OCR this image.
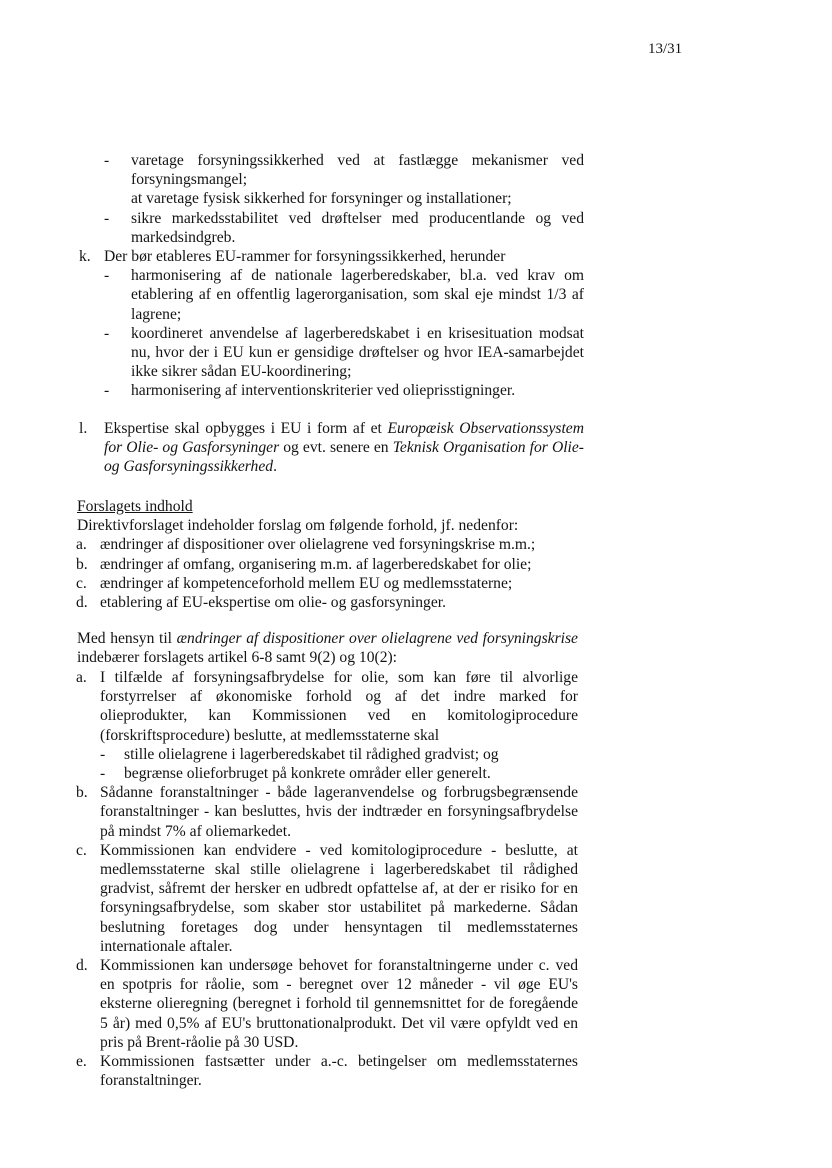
13/31
- varetage forsyningssikkerhed ved at fastlægge mekanismer ved forsyningsmangel;
at varetage fysisk sikkerhed for forsyninger og installationer;
- sikre markedsstabilitet ved drøftelser med producentlande og ved markedsindgreb.
k. Der bør etableres EU-rammer for forsyningssikkerhed, herunder
- harmonisering af de nationale lagerberedskaber, bl.a. ved krav om etablering af en offentlig lagerorganisation, som skal eje mindst 1/3 af lagrene;
- koordineret anvendelse af lagerberedskabet i en krisesituation modsat nu, hvor der i EU kun er gensidige drøftelser og hvor IEA-samarbejdet ikke sikrer sådan EU-koordinering;
- harmonisering af interventionskriterier ved olieprisstigninger.
l. Ekspertise skal opbygges i EU i form af et Europæisk Observationssystem for Olie- og Gasforsyninger og evt. senere en Teknisk Organisation for Olie- og Gasforsyningssikkerhed.
Forslagets indhold
Direktivforslaget indeholder forslag om følgende forhold, jf. nedenfor:
a. ændringer af dispositioner over olielagrene ved forsyningskrise m.m.;
b. ændringer af omfang, organisering m.m. af lagerberedskabet for olie;
c. ændringer af kompetenceforhold mellem EU og medlemsstaterne;
d. etablering af EU-ekspertise om olie- og gasforsyninger.
Med hensyn til ændringer af dispositioner over olielagrene ved forsyningskrise indebærer forslagets artikel 6-8 samt 9(2) og 10(2):
a. I tilfælde af forsyningsafbrydelse for olie, som kan føre til alvorlige forstyrrelser af økonomiske forhold og af det indre marked for olieprodukter, kan Kommissionen ved en komitologiprocedure (forskriftsprocedure) beslutte, at medlemsstaterne skal
- stille olielagrene i lagerberedskabet til rådighed gradvist; og
- begrænse olieforbruget på konkrete områder eller generelt.
b. Sådanne foranstaltninger - både lageranvendelse og forbrugsbegrænsende foranstaltninger - kan besluttes, hvis der indtræder en forsyningsafbrydelse på mindst 7% af oliemarkedet.
c. Kommissionen kan endvidere - ved komitologiprocedure - beslutte, at medlemsstaterne skal stille olielagrene i lagerberedskabet til rådighed gradvist, såfremt der hersker en udbredt opfattelse af, at der er risiko for en forsyningsafbrydelse, som skaber stor ustabilitet på markederne. Sådan beslutning foretages dog under hensyntagen til medlemsstaternes internationale aftaler.
d. Kommissionen kan undersøge behovet for foranstaltningerne under c. ved en spotpris for råolie, som - beregnet over 12 måneder - vil øge EU's eksterne olieregning (beregnet i forhold til gennemsnittet for de foregående 5 år) med 0,5% af EU's bruttonationalprodukt. Det vil være opfyldt ved en pris på Brent-råolie på 30 USD.
e. Kommissionen fastsætter under a.-c. betingelser om medlemsstaternes foranstaltninger.
